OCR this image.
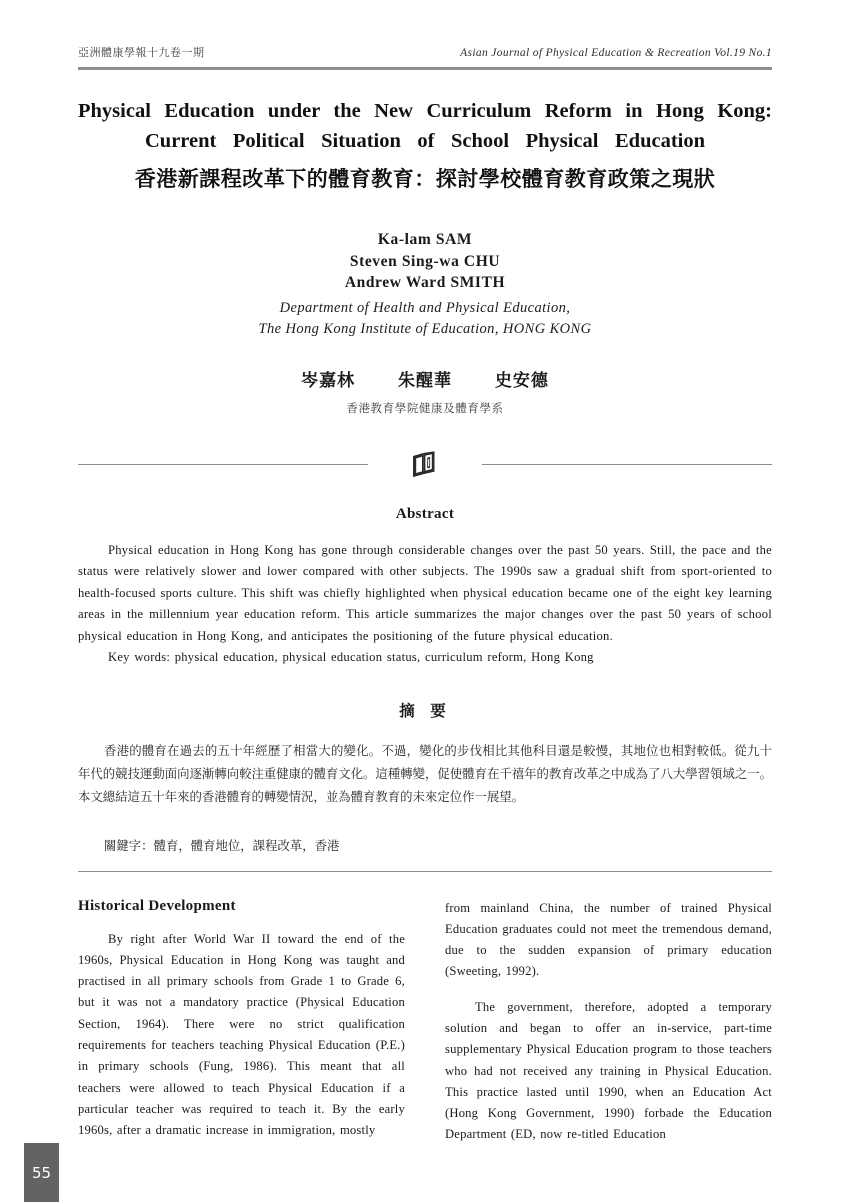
亞洲體康學報十九卷一期	Asian Journal of Physical Education & Recreation Vol.19 No.1
Physical Education under the New Curriculum Reform in Hong Kong:
Current Political Situation of School Physical Education
香港新課程改革下的體育教育：探討學校體育教育政策之現狀
Ka-lam SAM
Steven Sing-wa CHU
Andrew Ward SMITH
Department of Health and Physical Education,
The Hong Kong Institute of Education, HONG KONG
岑嘉林	朱醒華	史安德
香港教育學院健康及體育學系
Abstract

Physical education in Hong Kong has gone through considerable changes over the past 50 years. Still, the pace and the status were relatively slower and lower compared with other subjects. The 1990s saw a gradual shift from sport-oriented to health-focused sports culture. This shift was chiefly highlighted when physical education became one of the eight key learning areas in the millennium year education reform. This article summarizes the major changes over the past 50 years of school physical education in Hong Kong, and anticipates the positioning of the future physical education.

Key words: physical education, physical education status, curriculum reform, Hong Kong

摘 要

香港的體育在過去的五十年經歷了相當大的變化。不過，變化的步伐相比其他科目還是較慢，其地位也相對較低。從九十年代的競技運動面向逐漸轉向較注重健康的體育文化。這種轉變，促使體育在千禧年的教育改革之中成為了八大學習領域之一。本文總結這五十年來的香港體育的轉變情況，並為體育教育的未來定位作一展望。

關鍵字：體育，體育地位，課程改革，香港

Historical Development

By right after World War II toward the end of the 1960s, Physical Education in Hong Kong was taught and practised in all primary schools from Grade 1 to Grade 6, but it was not a mandatory practice (Physical Education Section, 1964). There were no strict qualification requirements for teachers teaching Physical Education (P.E.) in primary schools (Fung, 1986). This meant that all teachers were allowed to teach Physical Education if a particular teacher was required to teach it. By the early 1960s, after a dramatic increase in immigration, mostly

from mainland China, the number of trained Physical Education graduates could not meet the tremendous demand, due to the sudden expansion of primary education (Sweeting, 1992).

The government, therefore, adopted a temporary solution and began to offer an in-service, part-time supplementary Physical Education program to those teachers who had not received any training in Physical Education. This practice lasted until 1990, when an Education Act (Hong Kong Government, 1990) forbade the Education Department (ED, now re-titled Education

55
